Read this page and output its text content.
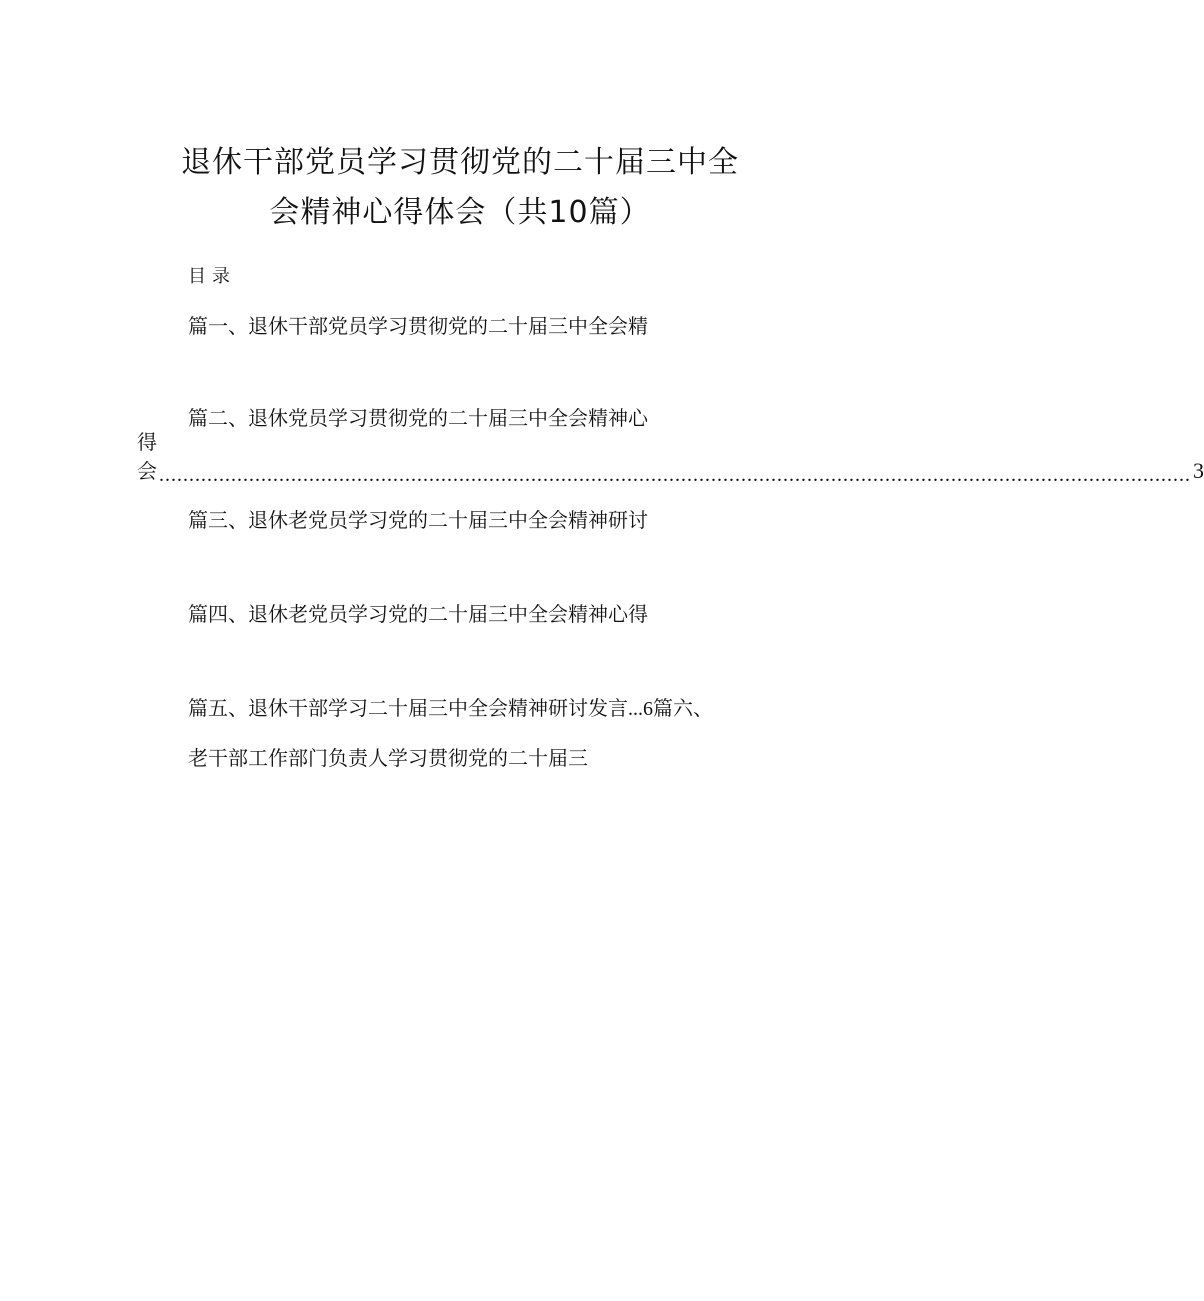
退休干部党员学习贯彻党的二十届三中全
会精神心得体会（共10篇）
目录
篇一、退休干部党员学习贯彻党的二十届三中全会精
篇二、退休党员学习贯彻党的二十届三中全会精神心
得会 ............................................................................................................................................................................ 3
篇三、退休老党员学习党的二十届三中全会精神研讨
篇四、退休老党员学习党的二十届三中全会精神心得
篇五、退休干部学习二十届三中全会精神研讨发言...6篇六、
老干部工作部门负责人学习贯彻党的二十届三
